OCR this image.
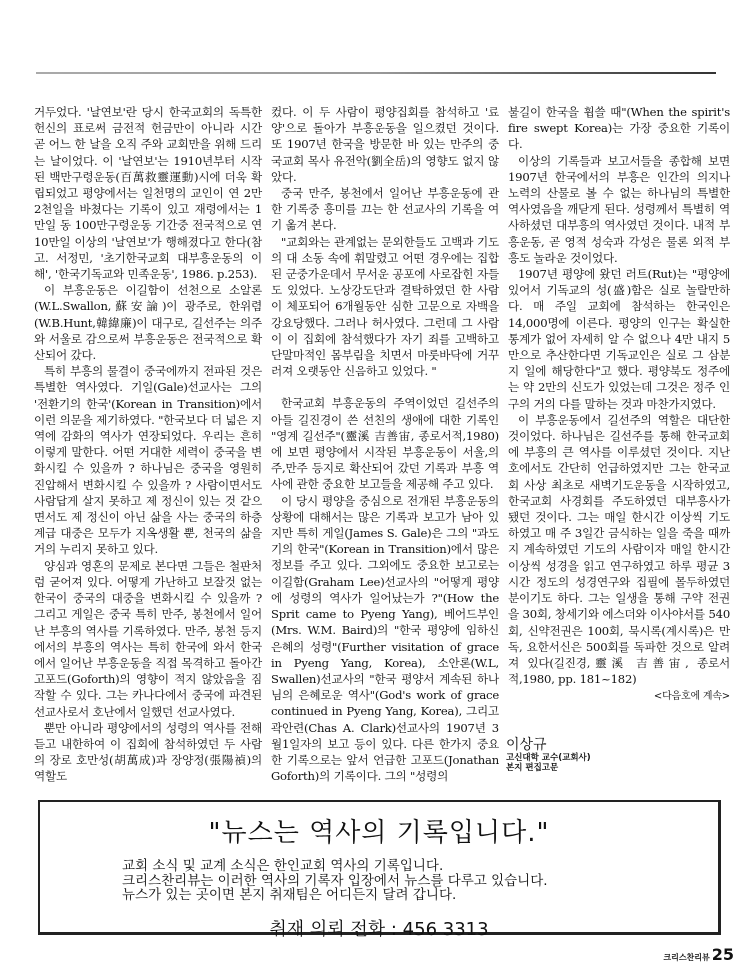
거두었다. '날연보'란 당시 한국교회의 독특한 헌신의 표로써 금전적 헌금만이 아니라 시간 곧 어느 한 날을 오직 주와 교회만을 위해 드리는 날이었다. 이 '날연보'는 1910년부터 시작된 백만구령운동(百萬救靈運動)시에 더욱 확립되었고 평양에서는 일천명의 교인이 연 2만 2천일을 바쳤다는 기록이 있고 재령에서는 1만일 동 100만구령운동 기간중 전국적으로 연 10만일 이상의 '날연보'가 행해졌다고 한다(참고. 서정민, '초기한국교회 대부흥운동의 이해', '한국기독교와 민족운동', 1986. p.253).

이 부흥운동은 이길함이 선천으로 소알론(W.L.Swallon,蘇安論)이 광주로, 한위렴(W.B.Hunt,韓緯廉)이 대구로, 길선주는 의주와 서울로 감으로써 부흥운동은 전국적으로 확산되어 갔다.

특히 부흥의 물결이 중국에까지 전파된 것은 특별한 역사였다. 기일(Gale)선교사는 그의 '전환기의 한국'(Korean in Transition)에서 이런 의문을 제기하였다. "한국보다 더 넓은 지역에 감화의 역사가 연장되었다. 우리는 흔히 이렇게 말한다. 어떤 거대한 세력이 중국을 변화시킬 수 있을까 ? 하나님은 중국을 영원히 진압해서 변화시킬 수 있을까 ? 사람이면서도 사람답게 살지 못하고 제 정신이 있는 것 같으면서도 제 정신이 아닌 삶을 사는 중국의 하층계급 대중은 모두가 지옥생활 뿐, 천국의 삶을 거의 누리지 못하고 있다.

양심과 영혼의 문제로 본다면 그들은 철판처럼 굳어져 있다. 어떻게 가난하고 보잘것 없는 한국이 중국의 대중을 변화시킬 수 있을까 ? 그리고 게일은 중국 특히 만주, 봉천에서 일어난 부흥의 역사를 기록하였다. 만주, 봉천 등지에서의 부흥의 역사는 특히 한국에 와서 한국에서 일어난 부흥운동을 직접 목격하고 돌아간 고포드(Goforth)의 영향이 적지 않았음을 짐작할 수 있다. 그는 카나다에서 중국에 파견된 선교사로서 호난에서 일했던 선교사였다.

뿐만 아니라 평양에서의 성령의 역사를 전해 듣고 내한하여 이 집회에 참석하였던 두 사람의 장로 호만성(胡萬成)과 장양정(張陽禎)의 역할도

컸다. 이 두 사람이 평양집회를 참석하고 '료양'으로 돌아가 부흥운동을 일으켰던 것이다. 또 1907년 한국을 방문한 바 있는 만주의 중국교회 목사 유전악(劉全岳)의 영향도 없지 않았다.

중국 만주, 봉천에서 일어난 부흥운동에 관한 기록중 흥미를 끄는 한 선교사의 기록을 여기 옮겨 본다.

"교회와는 관계없는 문외한들도 고백과 기도의 대 소동 속에 휘말렸고 어떤 경우에는 집합된 군중가운데서 무서운 공포에 사로잡힌 자들도 있었다. 노상강도단과 결탁하였던 한 사람이 체포되어 6개월동안 심한 고문으로 자백을 강요당했다. 그러나 허사였다. 그런데 그 사람이 이 집회에 참석했다가 자기 죄를 고백하고 단말마적인 몸부림을 치면서 마룻바닥에 거꾸러져 오랫동안 신음하고 있었다. "

한국교회 부흥운동의 주역이었던 길선주의 아들 길진경이 쓴 선친의 생애에 대한 기록인 "영계 길선주"(靈溪 吉善宙, 종로서적,1980)에 보면 평양에서 시작된 부흥운동이 서울,의주,만주 등지로 확산되어 갔던 기록과 부흥 역사에 관한 중요한 보고들을 제공해 주고 있다.

이 당시 평양을 중심으로 전개된 부흥운동의 상황에 대해서는 많은 기록과 보고가 남아 있지만 특히 게일(James S. Gale)은 그의 "과도기의 한국"(Korean in Transition)에서 많은 정보를 주고 있다. 그외에도 중요한 보고로는 이길함(Graham Lee)선교사의 "어떻게 평양에 성령의 역사가 일어났는가 ?"(How the Sprit came to Pyeng Yang), 베어드부인(Mrs. W.M. Baird)의 "한국 평양에 임하신 은혜의 성령"(Further visitation of grace in Pyeng Yang, Korea), 소안론(W.L, Swallen)선교사의 "한국 평양서 계속된 하나님의 은혜로운 역사"(God's work of grace continued in Pyeng Yang, Korea), 그리고 곽안련(Chas A. Clark)선교사의 1907년 3월1일자의 보고 등이 있다. 다른 한가지 중요한 기록으로는 앞서 언급한 고포드(Jonathan Goforth)의 기록이다. 그의 "성령의

불길이 한국을 휩쓸 때"(When the spirit's fire swept Korea)는 가장 중요한 기록이다.

이상의 기록들과 보고서들을 종합해 보면 1907년 한국에서의 부흥은 인간의 의지나 노력의 산물로 볼 수 없는 하나님의 특별한 역사였음을 깨닫게 된다. 성령께서 특별히 역사하셨던 대부흥의 역사였던 것이다. 내적 부흥운동, 곧 영적 성숙과 각성은 물론 외적 부흥도 놀라운 것이었다.

1907년 평양에 왔던 러트(Rut)는 "평양에 있어서 기독교의 성(盛)함은 실로 놀랄만하다. 매 주일 교회에 참석하는 한국인은 14,000명에 이른다. 평양의 인구는 확실한 통계가 없어 자세히 알 수 없으나 4만 내지 5만으로 추산한다면 기독교인은 실로 그 삼분지 일에 해당한다"고 했다. 평양북도 정주에는 약 2만의 신도가 있었는데 그것은 정주 인구의 거의 다를 말하는 것과 마찬가지였다.

이 부흥운동에서 길선주의 역할은 대단한 것이었다. 하나님은 길선주를 통해 한국교회에 부흥의 큰 역사를 이루셨던 것이다. 지난호에서도 간단히 언급하였지만 그는 한국교회 사상 최초로 새벽기도운동을 시작하였고, 한국교회 사경회를 주도하였던 대부흥사가 됐던 것이다. 그는 매일 한시간 이상씩 기도하였고 매 주 3일간 금식하는 일을 죽을 때까지 계속하였던 기도의 사람이자 매일 한시간 이상씩 성경을 읽고 연구하였고 하루 평균 3시간 정도의 성경연구와 집필에 몰두하였던 분이기도 하다. 그는 일생을 통해 구약 전권을 30회, 창세기와 에스더와 이사야서를 540회, 신약전권은 100회, 묵시록(계시록)은 만독, 요한서신은 500회를 독파한 것으로 알려져 있다(길진경,靈溪 吉善宙, 종로서적,1980, pp. 181~182)

<다음호에 계속>
이상규
고신대학 교수(교회사)
본지 편집고문
"뉴스는 역사의 기록입니다."
교회 소식 및 교계 소식은 한인교회 역사의 기록입니다.
크리스찬리뷰는 이러한 역사의 기록자 입장에서 뉴스를 다루고 있습니다.
뉴스가 있는 곳이면 본지 취재팀은 어디든지 달려 갑니다.
취재 의뢰 전화 : 456 3313
크리스찬리뷰 25
